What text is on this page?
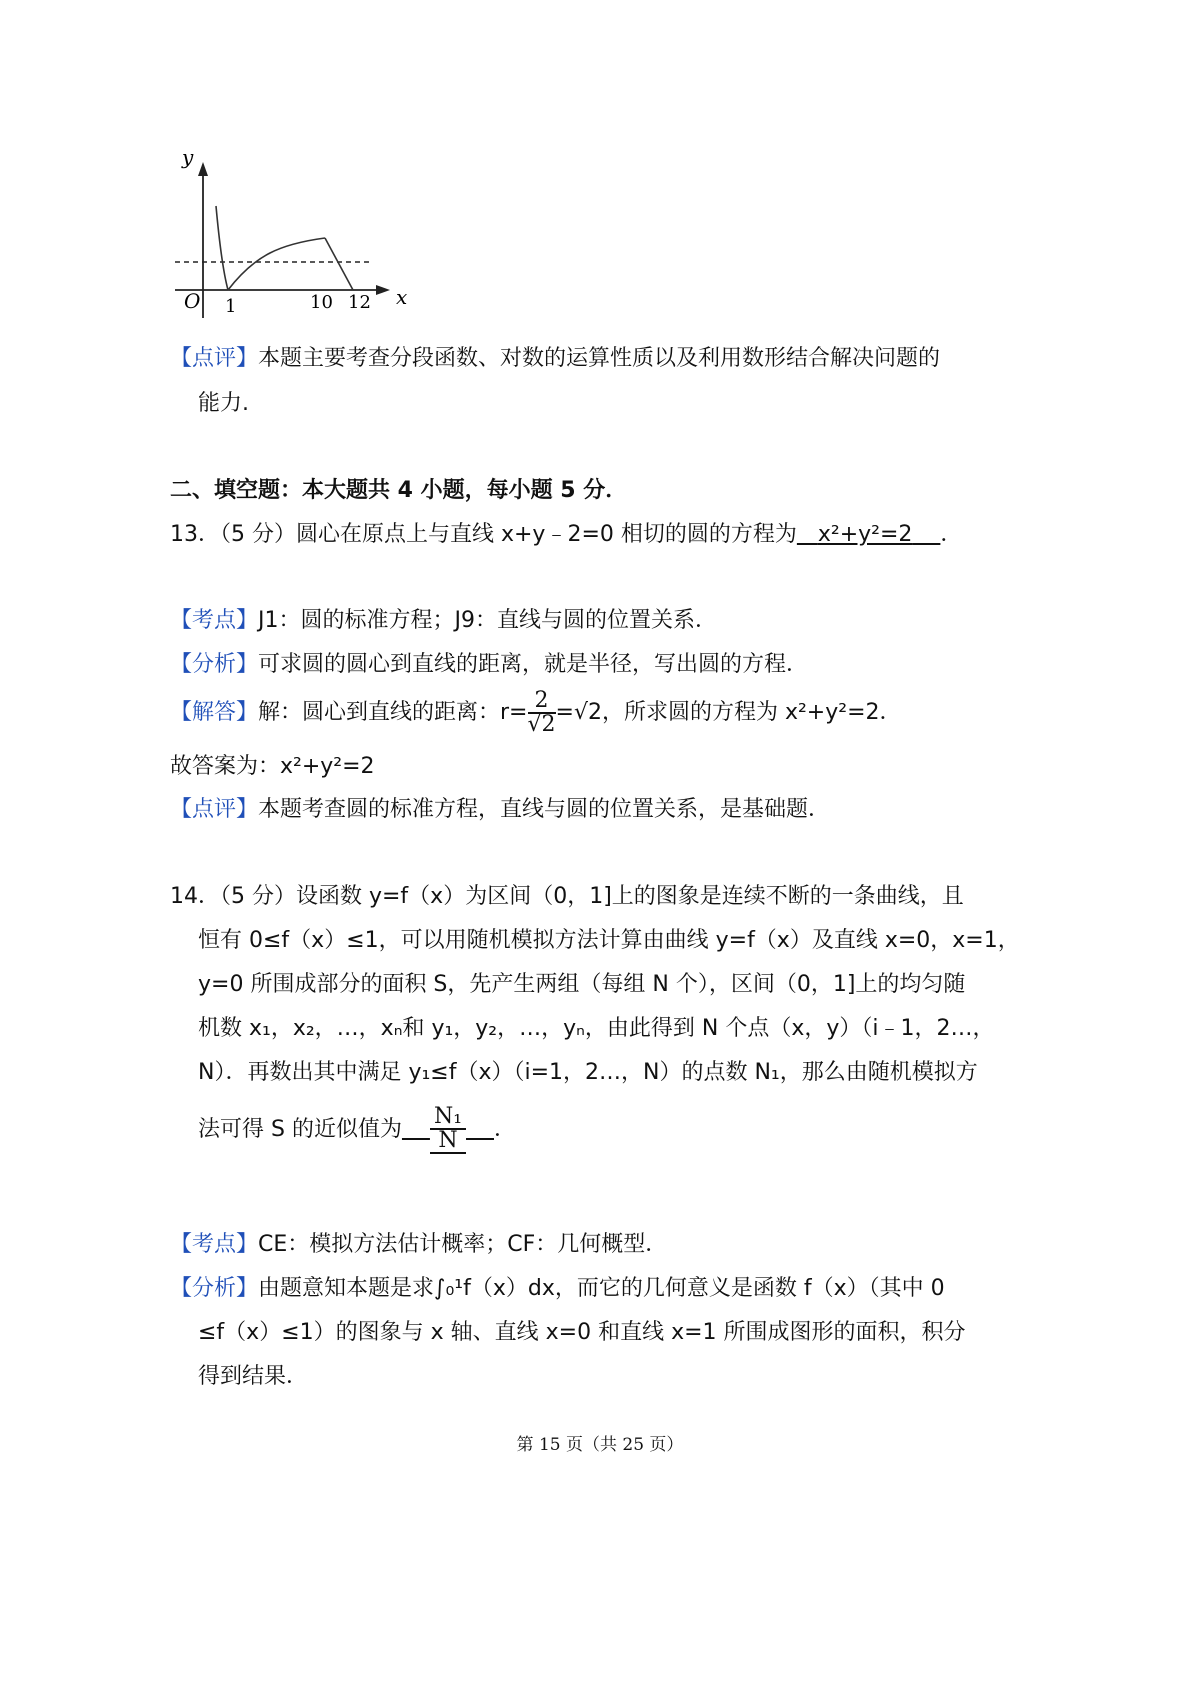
y
x
O 1	10 12
【点评】本题主要考查分段函数、对数的运算性质以及利用数形结合解决问题的
能力.
二、填空题：本大题共 4 小题，每小题 5 分．
13．（5 分）圆心在原点上与直线 x+y﹣2=0 相切的圆的方程为 x²+y²=2 ．
【考点】J1：圆的标准方程；J9：直线与圆的位置关系．
【分析】可求圆的圆心到直线的距离，就是半径，写出圆的方程．
【解答】解：圆心到直线的距离：$r= \frac{2}{√2} =√2$，所求圆的方程为 x²+y²=2．
故答案为：x²+y²=2
【点评】本题考查圆的标准方程，直线与圆的位置关系，是基础题．
14．（5 分）设函数 y=f（x）为区间（0，1]上的图象是连续不断的一条曲线，且
恒有 0≤f（x）≤1，可以用随机模拟方法计算由曲线 y=f（x）及直线 x=0，x=1，
y=0 所围成部分的面积 S，先产生两组（每组 N 个），区间（0，1]上的均匀随
机数 x₁，x₂，…，xₙ和 y₁，y₂，…，yₙ，由此得到 N 个点（x，y）（i﹣1，2…，
N）．再数出其中满足 y₁≤f（x）（i=1，2…，N）的点数 N₁，那么由随机模拟方
法可得 S 的近似值为 $\frac{\text{N₁}}{N}$ ．
【考点】CE：模拟方法估计概率；CF：几何概型．
【分析】由题意知本题是求∫₀¹f（x）dx，而它的几何意义是函数 f（x）（其中 0
≤f（x）≤1）的图象与 x 轴、直线 x=0 和直线 x=1 所围成图形的面积，积分
得到结果．
第 15 页（共 25 页）
